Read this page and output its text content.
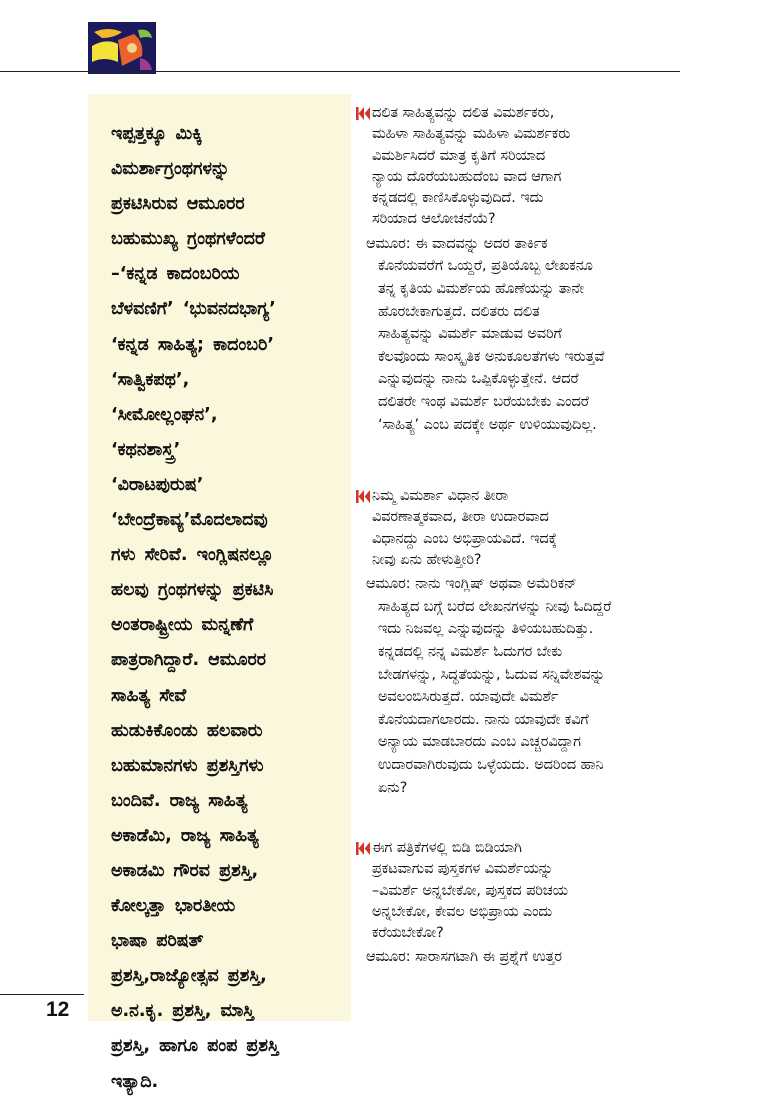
ಇಪ್ಪತ್ತಕ್ಕೂ ಮಿಕ್ಕಿ
ವಿಮರ್ಶಾಗ್ರಂಥಗಳನ್ನು
ಪ್ರಕಟಿಸಿರುವ ಆಮೂರರ
ಬಹುಮುಖ್ಯ ಗ್ರಂಥಗಳೆಂದರೆ
–‘ಕನ್ನಡ ಕಾದಂಬರಿಯ
ಬೆಳವಣಿಗೆ’ ‘ಭುವನದಭಾಗ್ಯ’
‘ಕನ್ನಡ ಸಾಹಿತ್ಯ; ಕಾದಂಬರಿ’
‘ಸಾತ್ವಿಕಪಥ’,
‘ಸೀಮೋಲ್ಲಂಘನ’,
‘ಕಥನಶಾಸ್ತ್ರ’
‘ವಿರಾಟಪುರುಷ’
‘ಬೇಂದ್ರೆಕಾವ್ಯ’ಮೊದಲಾದವು
ಗಳು ಸೇರಿವೆ. ಇಂಗ್ಲಿಷನಲ್ಲೂ
ಹಲವು ಗ್ರಂಥಗಳನ್ನು ಪ್ರಕಟಿಸಿ
ಅಂತರಾಷ್ಟ್ರೀಯ ಮನ್ನಣೆಗೆ
ಪಾತ್ರರಾಗಿದ್ದಾರೆ. ಆಮೂರರ
ಸಾಹಿತ್ಯ ಸೇವೆ
ಹುಡುಕಿಕೊಂಡು ಹಲವಾರು
ಬಹುಮಾನಗಳು ಪ್ರಶಸ್ತಿಗಳು
ಬಂದಿವೆ. ರಾಜ್ಯ ಸಾಹಿತ್ಯ
ಅಕಾಡೆಮಿ, ರಾಜ್ಯ ಸಾಹಿತ್ಯ
ಅಕಾಡಮಿ ಗೌರವ ಪ್ರಶಸ್ತಿ,
ಕೋಲ್ಕತ್ತಾ ಭಾರತೀಯ
ಭಾಷಾ ಪರಿಷತ್
ಪ್ರಶಸ್ತಿ,ರಾಜ್ಯೋತ್ಸವ ಪ್ರಶಸ್ತಿ,
ಅ.ನ.ಕೃ. ಪ್ರಶಸ್ತಿ, ಮಾಸ್ತಿ
ಪ್ರಶಸ್ತಿ, ಹಾಗೂ ಪಂಪ ಪ್ರಶಸ್ತಿ
ಇತ್ಯಾದಿ.
ದಲಿತ ಸಾಹಿತ್ಯವನ್ನು ದಲಿತ ವಿಮರ್ಶಕರು,
ಮಹಿಳಾ ಸಾಹಿತ್ಯವನ್ನು ಮಹಿಳಾ ವಿಮರ್ಶಕರು
ವಿಮರ್ಶಿಸಿದರೆ ಮಾತ್ರ ಕೃತಿಗೆ ಸರಿಯಾದ
ನ್ಯಾಯ ದೊರೆಯಬಹುದೆಂಬ ವಾದ ಆಗಾಗ
ಕನ್ನಡದಲ್ಲಿ ಕಾಣಿಸಿಕೊಳ್ಳುವುದಿದೆ. ಇದು
ಸರಿಯಾದ ಆಲೋಚನೆಯೆ?
ಆಮೂರ: ಈ ವಾದವನ್ನು ಅದರ ತಾರ್ಕಿಕ
ಕೊನೆಯವರೆಗೆ ಒಯ್ದರೆ, ಪ್ರತಿಯೊಬ್ಬ ಲೇಖಕನೂ
ತನ್ನ ಕೃತಿಯ ವಿಮರ್ಶೆಯ ಹೊಣೆಯನ್ನು ತಾನೇ
ಹೊರಬೇಕಾಗುತ್ತದೆ. ದಲಿತರು ದಲಿತ
ಸಾಹಿತ್ಯವನ್ನು ವಿಮರ್ಶೆ ಮಾಡುವ ಅವರಿಗೆ
ಕೆಲವೊಂದು ಸಾಂಸ್ಕೃತಿಕ ಅನುಕೂಲತೆಗಳು ಇರುತ್ತವೆ
ಎನ್ನುವುದನ್ನು ನಾನು ಒಪ್ಪಿಕೊಳ್ಳುತ್ತೇನೆ. ಆದರೆ
ದಲಿತರೇ ಇಂಥ ವಿಮರ್ಶೆ ಬರೆಯಬೇಕು ಎಂದರೆ
‘ಸಾಹಿತ್ಯ’ ಎಂಬ ಪದಕ್ಕೇ ಅರ್ಥ ಉಳಿಯುವುದಿಲ್ಲ.
ನಿಮ್ಮ ವಿಮರ್ಶಾ ವಿಧಾನ ತೀರಾ
ವಿವರಣಾತ್ಮಕವಾದ, ತೀರಾ ಉದಾರವಾದ
ವಿಧಾನದ್ದು ಎಂಬ ಅಭಿಪ್ರಾಯವಿದೆ. ಇದಕ್ಕೆ
ನೀವು ಏನು ಹೇಳುತ್ತೀರಿ?
ಆಮೂರ: ನಾನು ಇಂಗ್ಲಿಷ್ ಅಥವಾ ಅಮೆರಿಕನ್
ಸಾಹಿತ್ಯದ ಬಗ್ಗೆ ಬರೆದ ಲೇಖನಗಳನ್ನು ನೀವು ಓದಿದ್ದರೆ
ಇದು ನಿಜವಲ್ಲ ಎನ್ನುವುದನ್ನು ತಿಳಿಯಬಹುದಿತ್ತು.
ಕನ್ನಡದಲ್ಲಿ ನನ್ನ ವಿಮರ್ಶೆ ಓದುಗರ ಬೇಕು
ಬೇಡಗಳನ್ನು, ಸಿದ್ಧತೆಯನ್ನು, ಓದುವ ಸನ್ನಿವೇಶವನ್ನು
ಅವಲಂಬಿಸಿರುತ್ತದೆ. ಯಾವುದೇ ವಿಮರ್ಶೆ
ಕೊನೆಯದಾಗಲಾರದು. ನಾನು ಯಾವುದೇ ಕವಿಗೆ
ಅನ್ಯಾಯ ಮಾಡಬಾರದು ಎಂಬ ಎಚ್ಚರವಿದ್ದಾಗ
ಉದಾರವಾಗಿರುವುದು ಒಳ್ಳೆಯದು. ಅದರಿಂದ ಹಾನಿ
ಏನು?
ಈಗ ಪತ್ರಿಕೆಗಳಲ್ಲಿ ಬಿಡಿ ಬಿಡಿಯಾಗಿ
ಪ್ರಕಟವಾಗುವ ಪುಸ್ತಕಗಳ ವಿಮರ್ಶೆಯನ್ನು
–ವಿಮರ್ಶೆ ಅನ್ನಬೇಕೋ, ಪುಸ್ತಕದ ಪರಿಚಯ
ಅನ್ನಬೇಕೋ, ಕೇವಲ ಅಭಿಪ್ರಾಯ ಎಂದು
ಕರೆಯಬೇಕೋ?
ಆಮೂರ: ಸಾರಾಸಗಟಾಗಿ ಈ ಪ್ರಶ್ನೆಗೆ ಉತ್ತರ
12
